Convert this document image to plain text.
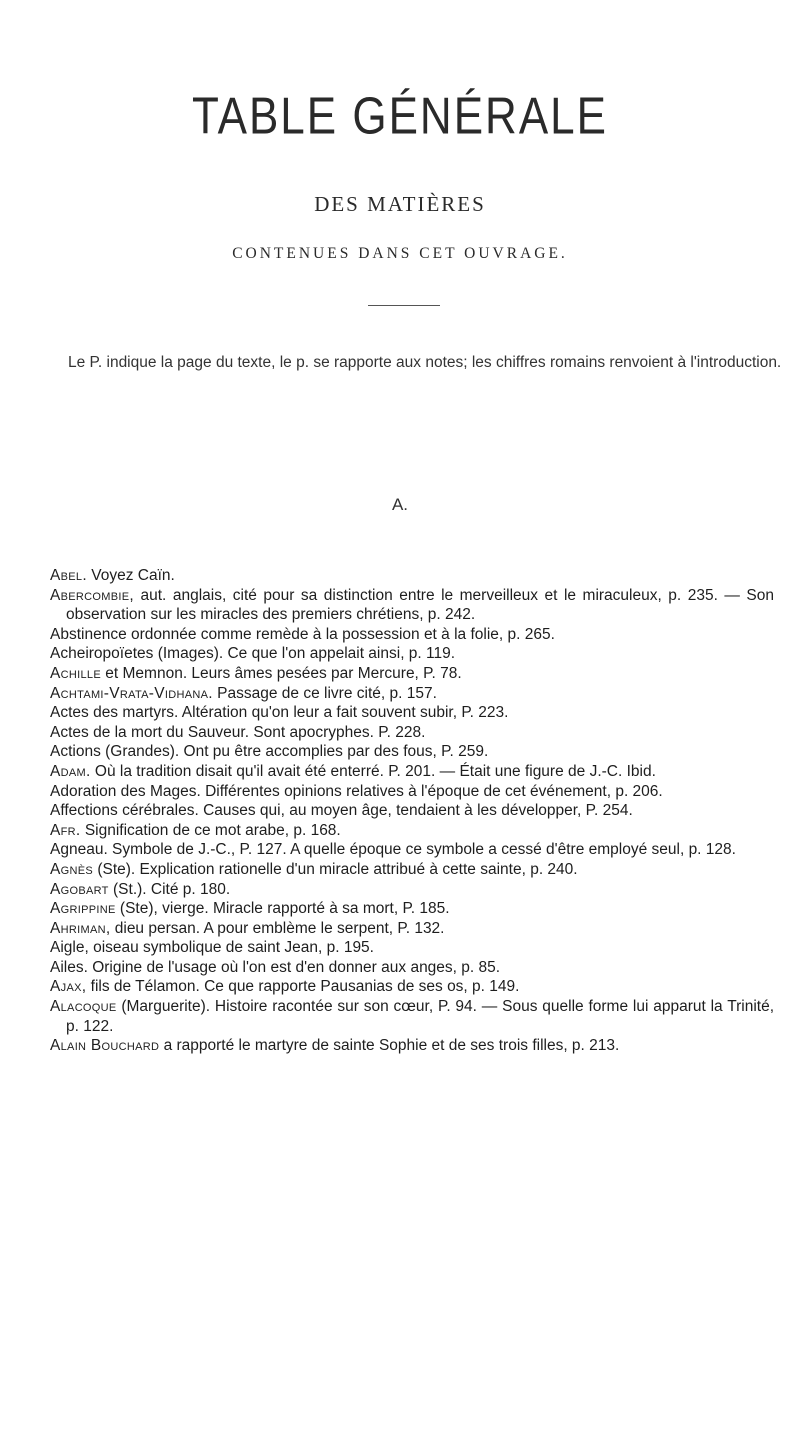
TABLE GÉNÉRALE
DES MATIÈRES
CONTENUES DANS CET OUVRAGE.
Le P. indique la page du texte, le p. se rapporte aux notes; les chiffres romains renvoient à l'introduction.
A.

Abel. Voyez Caïn.

Abercombie, aut. anglais, cité pour sa distinction entre le merveilleux et le miraculeux, p. 235. — Son observation sur les miracles des premiers chrétiens, p. 242.

Abstinence ordonnée comme remède à la possession et à la folie, p. 265.

Acheiropoïetes (Images). Ce que l'on appelait ainsi, p. 119.

Achille et Memnon. Leurs âmes pesées par Mercure, P. 78.

Achtami-Vrata-Vidhana. Passage de ce livre cité, p. 157.

Actes des martyrs. Altération qu'on leur a fait souvent subir, P. 223.

Actes de la mort du Sauveur. Sont apocryphes. P. 228.

Actions (Grandes). Ont pu être accomplies par des fous, P. 259.

Adam. Où la tradition disait qu'il avait été enterré. P. 201. — Était une figure de J.-C. Ibid.

Adoration des Mages. Différentes opinions relatives à l'époque de cet événement, p. 206.

Affections cérébrales. Causes qui, au moyen âge, tendaient à les développer, P. 254.

Afr. Signification de ce mot arabe, p. 168.

Agneau. Symbole de J.-C., P. 127. A quelle époque ce symbole a cessé d'être employé seul, p. 128.

Agnès (Ste). Explication rationelle d'un miracle attribué à cette sainte, p. 240.

Agobart (St.). Cité p. 180.

Agrippine (Ste), vierge. Miracle rapporté à sa mort, P. 185.

Ahriman, dieu persan. A pour emblème le serpent, P. 132.

Aigle, oiseau symbolique de saint Jean, p. 195.

Ailes. Origine de l'usage où l'on est d'en donner aux anges, p. 85.

Ajax, fils de Télamon. Ce que rapporte Pausanias de ses os, p. 149.

Alacoque (Marguerite). Histoire racontée sur son cœur, P. 94. — Sous quelle forme lui apparut la Trinité, p. 122.

Alain Bouchard a rapporté le martyre de sainte Sophie et de ses trois filles, p. 213.
